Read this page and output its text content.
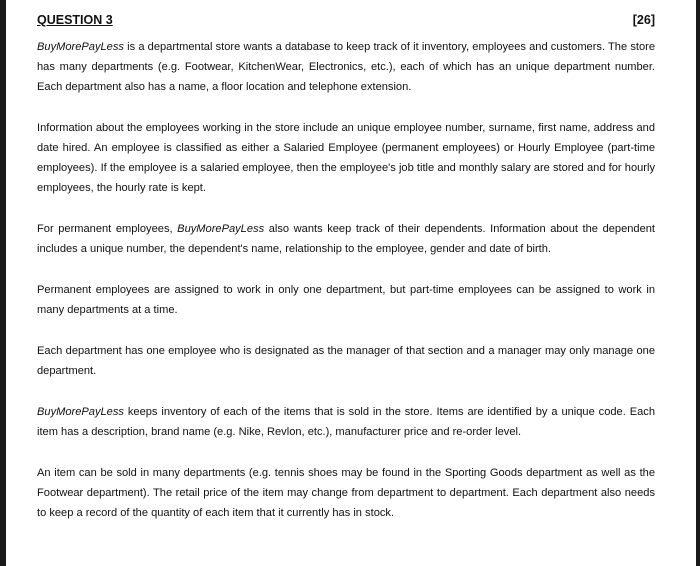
QUESTION 3	[26]

BuyMorePayLess is a departmental store wants a database to keep track of it inventory, employees and customers. The store has many departments (e.g. Footwear, KitchenWear, Electronics, etc.), each of which has an unique department number. Each department also has a name, a floor location and telephone extension.

Information about the employees working in the store include an unique employee number, surname, first name, address and date hired. An employee is classified as either a Salaried Employee (permanent employees) or Hourly Employee (part-time employees). If the employee is a salaried employee, then the employee's job title and monthly salary are stored and for hourly employees, the hourly rate is kept.

For permanent employees, BuyMorePayLess also wants keep track of their dependents. Information about the dependent includes a unique number, the dependent's name, relationship to the employee, gender and date of birth.

Permanent employees are assigned to work in only one department, but part-time employees can be assigned to work in many departments at a time.

Each department has one employee who is designated as the manager of that section and a manager may only manage one department.

BuyMorePayLess keeps inventory of each of the items that is sold in the store. Items are identified by a unique code. Each item has a description, brand name (e.g. Nike, Revlon, etc.), manufacturer price and re-order level.

An item can be sold in many departments (e.g. tennis shoes may be found in the Sporting Goods department as well as the Footwear department). The retail price of the item may change from department to department. Each department also needs to keep a record of the quantity of each item that it currently has in stock.
